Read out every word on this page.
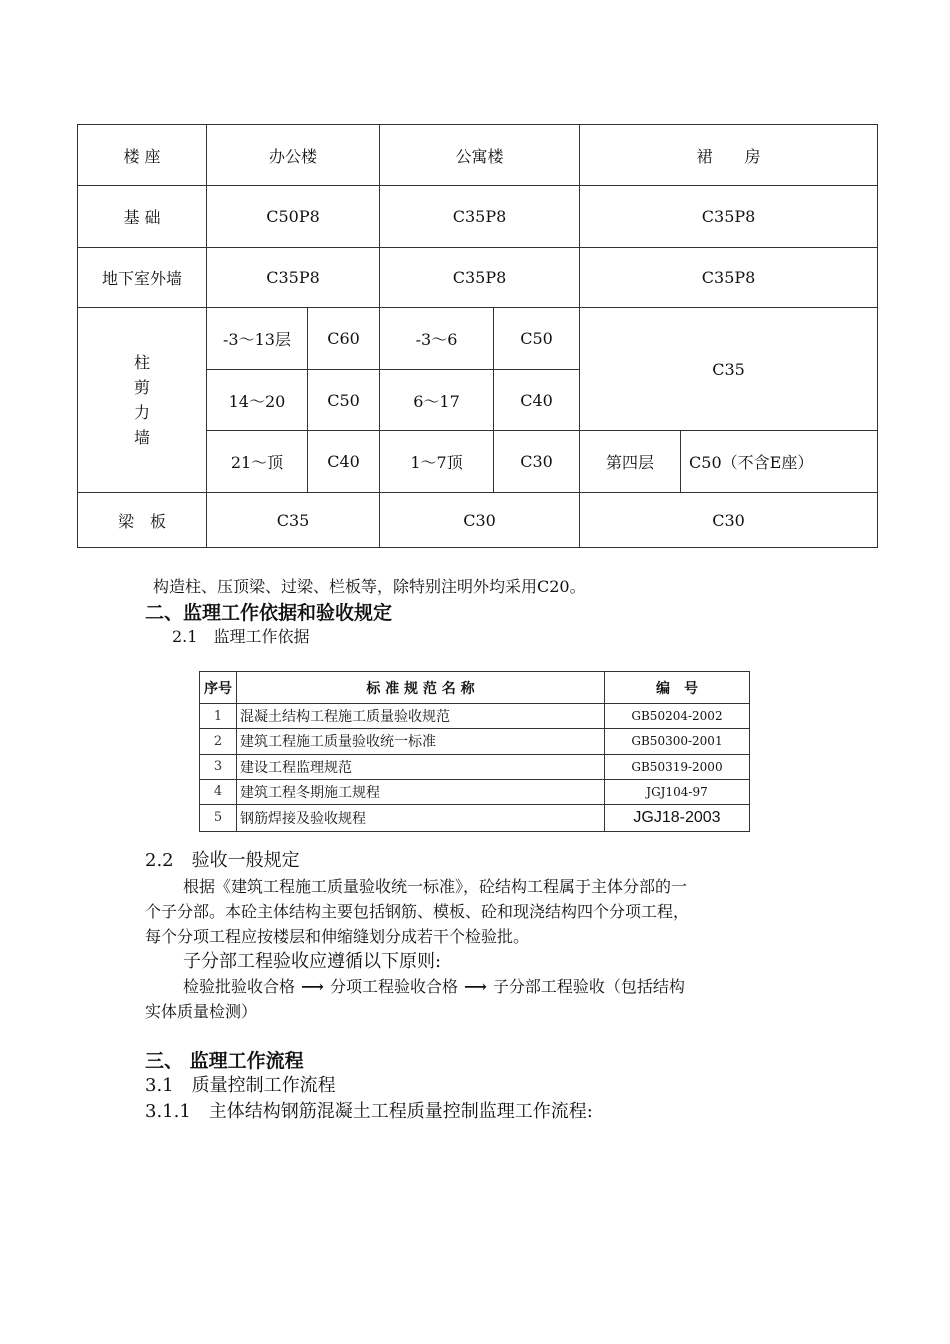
楼 座	办公楼		公寓楼		裙　　房	
基 础	C50P8		C35P8		C35P8	
地下室外墙	C35P8		C35P8		C35P8	

柱
剪
力
墙	-3～13层	C60	-3～6	C50	C35	
	14～20	C50	6～17	C40		
	21～顶	C40	1～7顶	C30	第四层	C50（不含E座）
梁　板	C35		C30		C30	
构造柱、压顶梁、过梁、栏板等，除特别注明外均采用C20。
二、监理工作依据和验收规定
2.1　监理工作依据
序号	标 准 规 范 名 称	编　号
1	混凝土结构工程施工质量验收规范	GB50204-2002
2	建筑工程施工质量验收统一标准	GB50300-2001
3	建设工程监理规范	GB50319-2000
4	建筑工程冬期施工规程	JGJ104-97
5	钢筋焊接及验收规程	JGJ18-2003
2.2　验收一般规定
根据《建筑工程施工质量验收统一标准》，砼结构工程属于主体分部的一
个子分部。本砼主体结构主要包括钢筋、模板、砼和现浇结构四个分项工程，
每个分项工程应按楼层和伸缩缝划分成若干个检验批。
子分部工程验收应遵循以下原则:
检验批验收合格 ⟶ 分项工程验收合格 ⟶ 子分部工程验收（包括结构
实体质量检测）
三、 监理工作流程
3.1　质量控制工作流程
3.1.1　主体结构钢筋混凝土工程质量控制监理工作流程:
